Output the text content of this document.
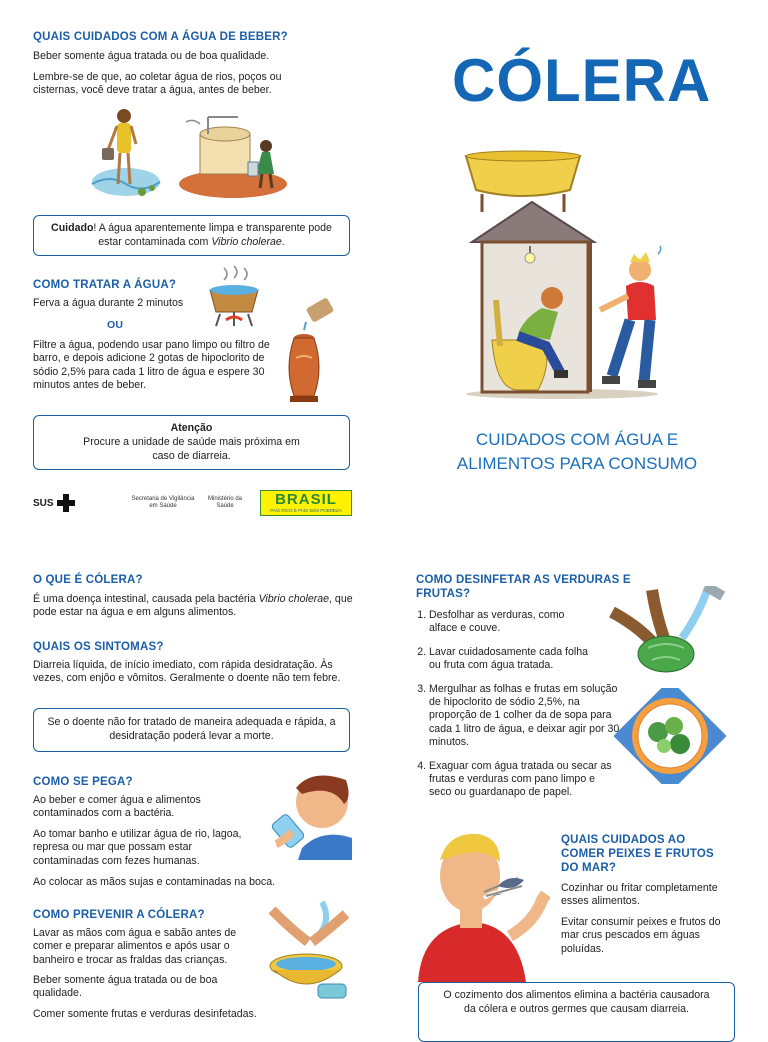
QUAIS CUIDADOS COM A ÁGUA DE BEBER?
Beber somente água tratada ou de boa qualidade.
Lembre-se de que, ao coletar água de rios, poços ou cisternas, você deve tratar a água, antes de beber.
Cuidado! A água aparentemente limpa e transparente pode estar contaminada com Vibrio cholerae.
COMO TRATAR A ÁGUA?
Ferva a água durante 2 minutos
OU
Filtre a água, podendo usar pano limpo ou filtro de barro, e depois adicione 2 gotas de hipoclorito de sódio 2,5% para cada 1 litro de água e espere 30 minutos antes de beber.
Atenção
Procure a unidade de saúde mais próxima em caso de diarreia.
SUS	Secretaria de Vigilância em Saúde
Ministério da Saúde	BRASIL
PAÍS RICO É PAÍS SEM POBREZA
CÓLERA
CUIDADOS COM ÁGUA E
ALIMENTOS PARA CONSUMO
O QUE É CÓLERA?
É uma doença intestinal, causada pela bactéria Vibrio cholerae, que pode estar na água e em alguns alimentos.
QUAIS OS SINTOMAS?
Diarreia líquida, de início imediato, com rápida desidratação. Às vezes, com enjôo e vômitos. Geralmente o doente não tem febre.
Se o doente não for tratado de maneira adequada e rápida, a desidratação poderá levar a morte.
COMO SE PEGA?
Ao beber e comer água e alimentos contaminados com a bactéria.
Ao tomar banho e utilizar água de rio, lagoa, represa ou mar que possam estar contaminadas com fezes humanas.
Ao colocar as mãos sujas e contaminadas na boca.
COMO PREVENIR A CÓLERA?
Lavar as mãos com água e sabão antes de comer e preparar alimentos e após usar o banheiro e trocar as fraldas das crianças.
Beber somente água tratada ou de boa qualidade.
Comer somente frutas e verduras desinfetadas.
COMO DESINFETAR AS VERDURAS E FRUTAS?
1. Desfolhar as verduras, como alface e couve.
2. Lavar cuidadosamente cada folha ou fruta com água tratada.
3. Mergulhar as folhas e frutas em solução de hipoclorito de sódio 2,5%, na proporção de 1 colher da de sopa para cada 1 litro de água, e deixar agir por 30 minutos.
4. Exaguar com água tratada ou secar as frutas e verduras com pano limpo e seco ou guardanapo de papel.
QUAIS CUIDADOS AO COMER PEIXES E FRUTOS DO MAR?
Cozinhar ou fritar completamente esses alimentos.
Evitar consumir peixes e frutos do mar crus pescados em águas poluídas.
O cozimento dos alimentos elimina a bactéria causadora da cólera e outros germes que causam diarreia.
